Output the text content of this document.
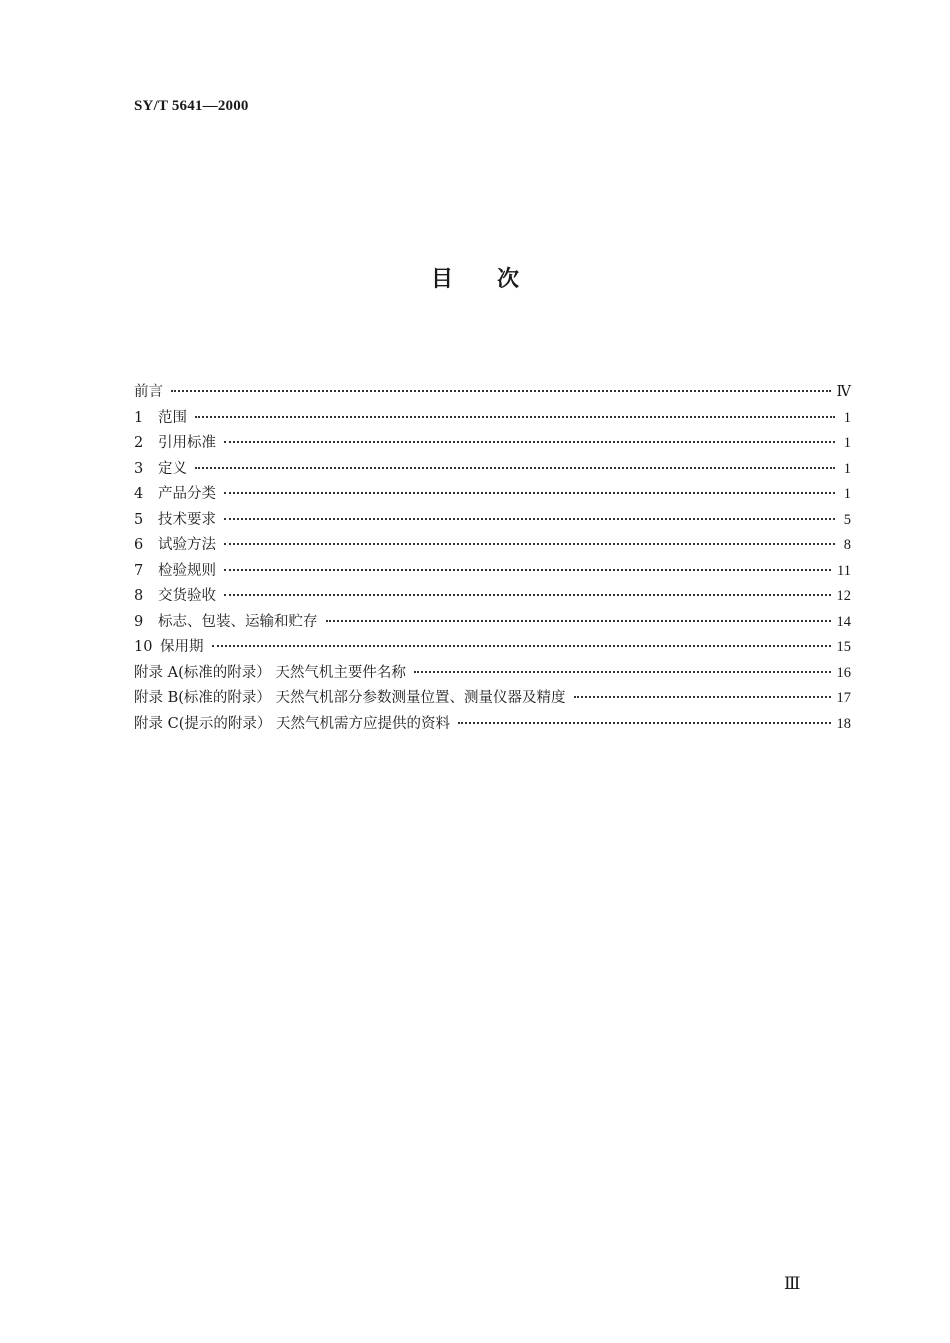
SY/T 5641—2000
目 次
前言	Ⅳ
1	范围	1
2	引用标准	1
3	定义	1
4	产品分类	1
5	技术要求	5
6	试验方法	8
7	检验规则	11
8	交货验收	12
9	标志、包装、运输和贮存	14
10 保用期	15
附录 A(标准的附录） 天然气机主要件名称	16
附录 B(标准的附录） 天然气机部分参数测量位置、测量仪器及精度	17
附录 C(提示的附录） 天然气机需方应提供的资料	18
Ⅲ
